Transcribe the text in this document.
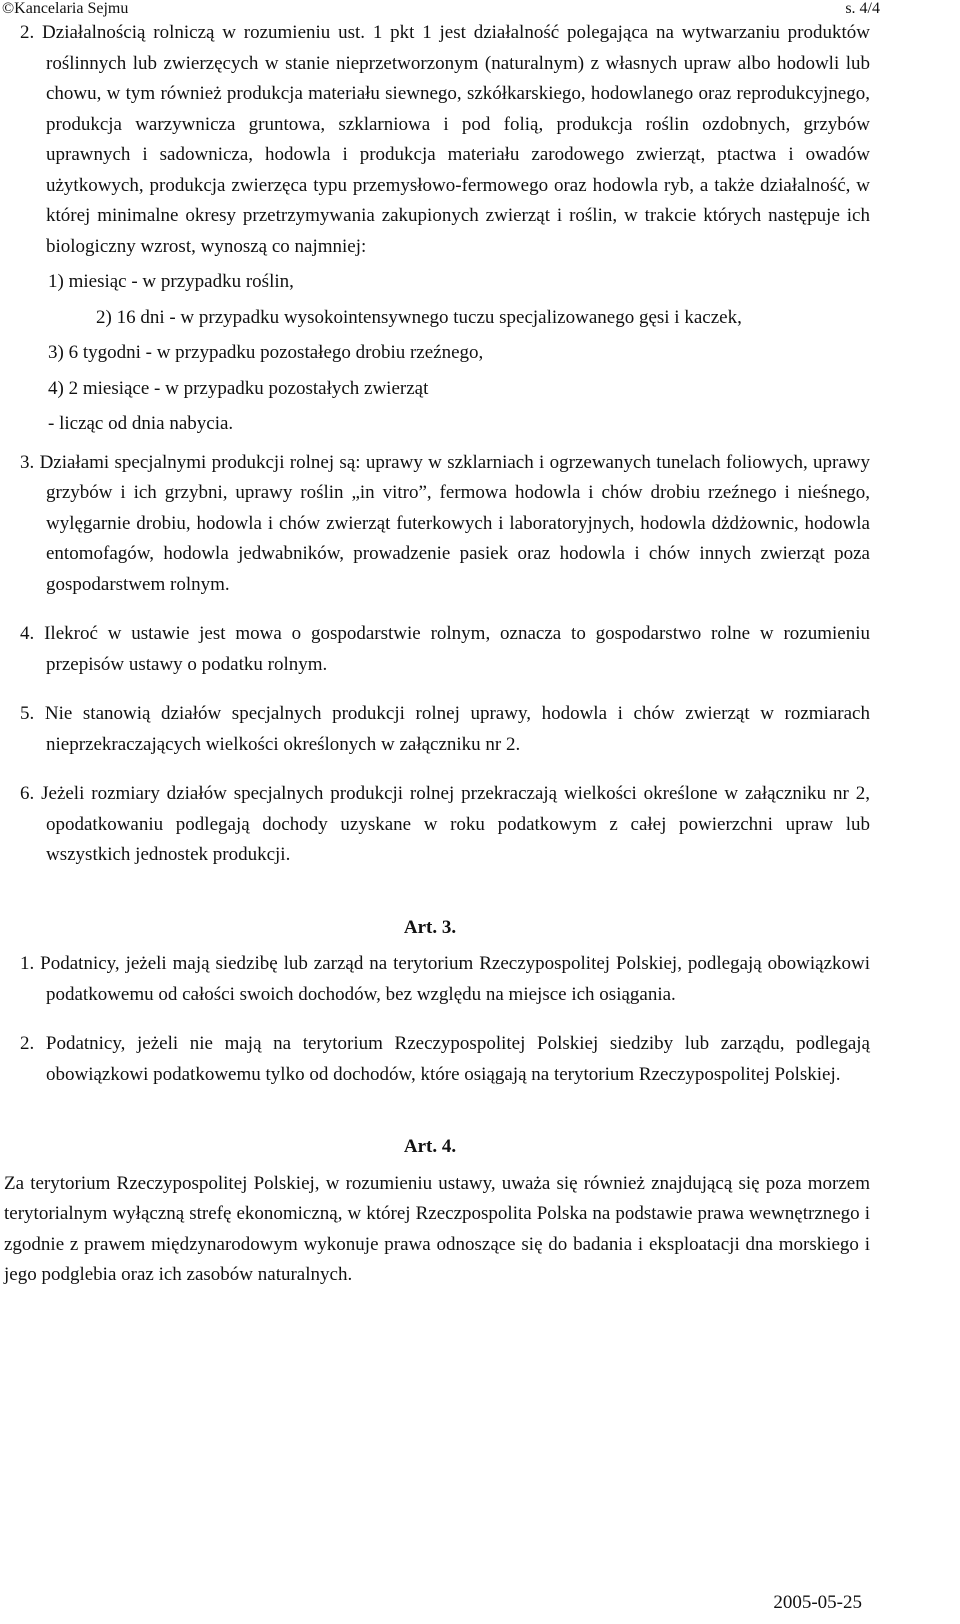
©Kancelaria Sejmu	s. 4/4

2. Działalnością rolniczą w rozumieniu ust. 1 pkt 1 jest działalność polegająca na wytwarzaniu produktów roślinnych lub zwierzęcych w stanie nieprzetworzonym (naturalnym) z własnych upraw albo hodowli lub chowu, w tym również produkcja materiału siewnego, szkółkarskiego, hodowlanego oraz reprodukcyjnego, produkcja warzywnicza gruntowa, szklarniowa i pod folią, produkcja roślin ozdobnych, grzybów uprawnych i sadownicza, hodowla i produkcja materiału zarodowego zwierząt, ptactwa i owadów użytkowych, produkcja zwierzęca typu przemysłowo-fermowego oraz hodowla ryb, a także działalność, w której minimalne okresy przetrzymywania zakupionych zwierząt i roślin, w trakcie których następuje ich biologiczny wzrost, wynoszą co najmniej:

1) miesiąc - w przypadku roślin,
2) 16 dni - w przypadku wysokointensywnego tuczu specjalizowanego gęsi i kaczek,
3) 6 tygodni - w przypadku pozostałego drobiu rzeźnego,
4) 2 miesiące - w przypadku pozostałych zwierząt
- licząc od dnia nabycia.

3. Działami specjalnymi produkcji rolnej są: uprawy w szklarniach i ogrzewanych tunelach foliowych, uprawy grzybów i ich grzybni, uprawy roślin „in vitro”, fermowa hodowla i chów drobiu rzeźnego i nieśnego, wylęgarnie drobiu, hodowla i chów zwierząt futerkowych i laboratoryjnych, hodowla dżdżownic, hodowla entomofagów, hodowla jedwabników, prowadzenie pasiek oraz hodowla i chów innych zwierząt poza gospodarstwem rolnym.

4. Ilekroć w ustawie jest mowa o gospodarstwie rolnym, oznacza to gospodarstwo rolne w rozumieniu przepisów ustawy o podatku rolnym.

5. Nie stanowią działów specjalnych produkcji rolnej uprawy, hodowla i chów zwierząt w rozmiarach nieprzekraczających wielkości określonych w załączniku nr 2.

6. Jeżeli rozmiary działów specjalnych produkcji rolnej przekraczają wielkości określone w załączniku nr 2, opodatkowaniu podlegają dochody uzyskane w roku podatkowym z całej powierzchni upraw lub wszystkich jednostek produkcji.

Art. 3.

1. Podatnicy, jeżeli mają siedzibę lub zarząd na terytorium Rzeczypospolitej Polskiej, podlegają obowiązkowi podatkowemu od całości swoich dochodów, bez względu na miejsce ich osiągania.

2. Podatnicy, jeżeli nie mają na terytorium Rzeczypospolitej Polskiej siedziby lub zarządu, podlegają obowiązkowi podatkowemu tylko od dochodów, które osiągają na terytorium Rzeczypospolitej Polskiej.

Art. 4.

Za terytorium Rzeczypospolitej Polskiej, w rozumieniu ustawy, uważa się również znajdującą się poza morzem terytorialnym wyłączną strefę ekonomiczną, w której Rzeczpospolita Polska na podstawie prawa wewnętrznego i zgodnie z prawem międzynarodowym wykonuje prawa odnoszące się do badania i eksploatacji dna morskiego i jego podglebia oraz ich zasobów naturalnych.

2005-05-25
